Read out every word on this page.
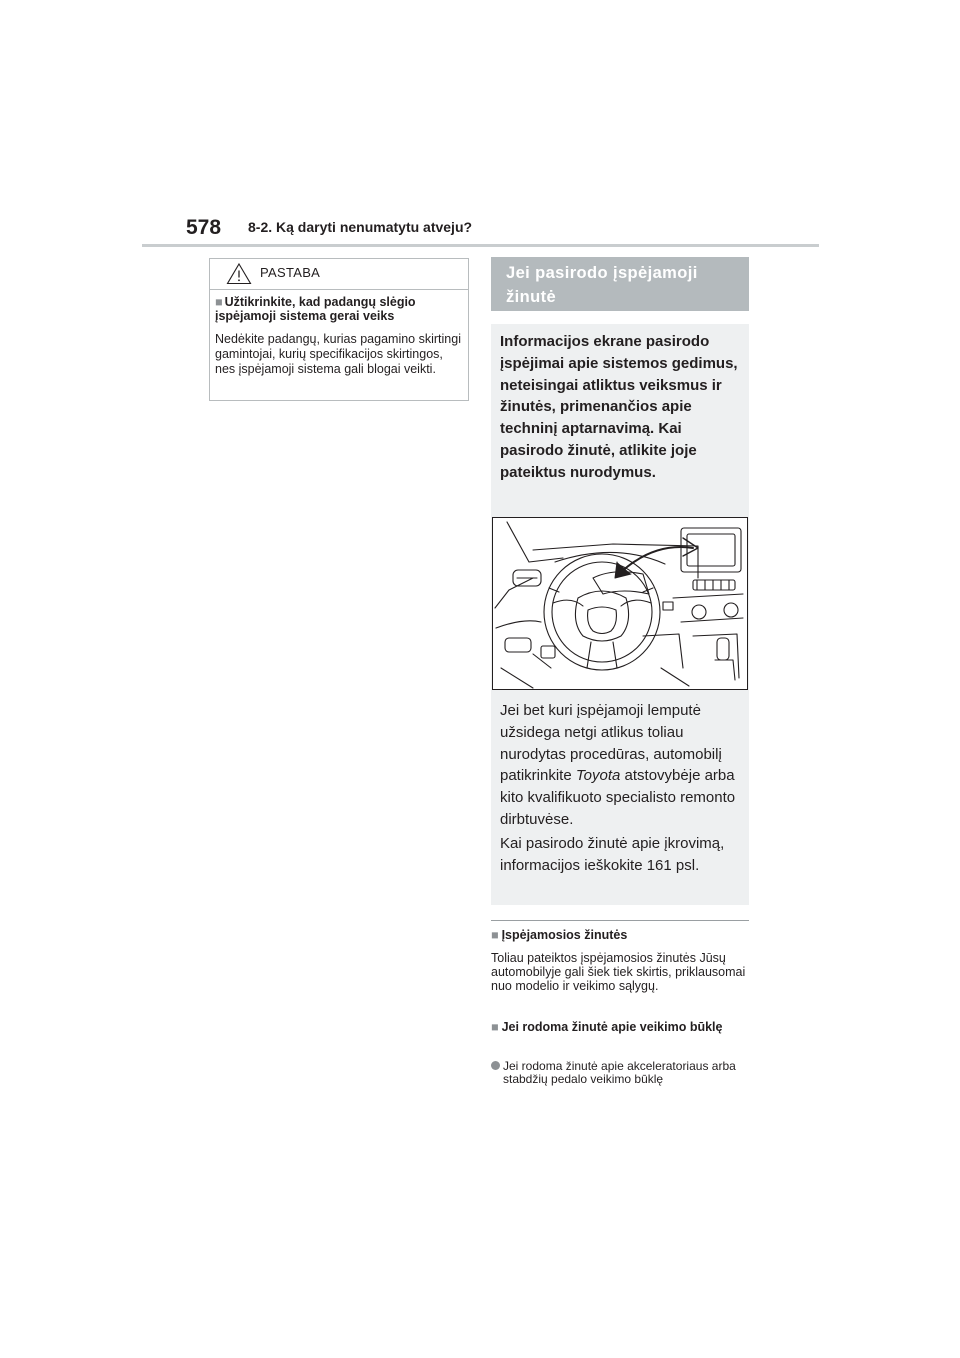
578 8-2. Ką daryti nenumatytu atveju?
PASTABA
■ Užtikrinkite, kad padangų slėgio įspėjamoji sistema gerai veiks
Nedėkite padangų, kurias pagamino skirtingi gamintojai, kurių specifikacijos skirtingos, nes įspėjamoji sistema gali blogai veikti.
Jei pasirodo įspėjamoji žinutė
Informacijos ekrane pasirodo įspėjimai apie sistemos gedimus, neteisingai atliktus veiksmus ir žinutės, primenančios apie techninį aptarnavimą. Kai pasirodo žinutė, atlikite joje pateiktus nurodymus.
Jei bet kuri įspėjamoji lemputė užsidega netgi atlikus toliau nurodytas procedūras, automobilį patikrinkite Toyota atstovybėje arba kito kvalifikuoto specialisto remonto dirbtuvėse.
Kai pasirodo žinutė apie įkrovimą, informacijos ieškokite 161 psl.
■ Įspėjamosios žinutės
Toliau pateiktos įspėjamosios žinutės Jūsų automobilyje gali šiek tiek skirtis, priklausomai nuo modelio ir veikimo sąlygų.
■ Jei rodoma žinutė apie veikimo būklę
Jei rodoma žinutė apie akceleratoriaus arba stabdžių pedalo veikimo būklę
